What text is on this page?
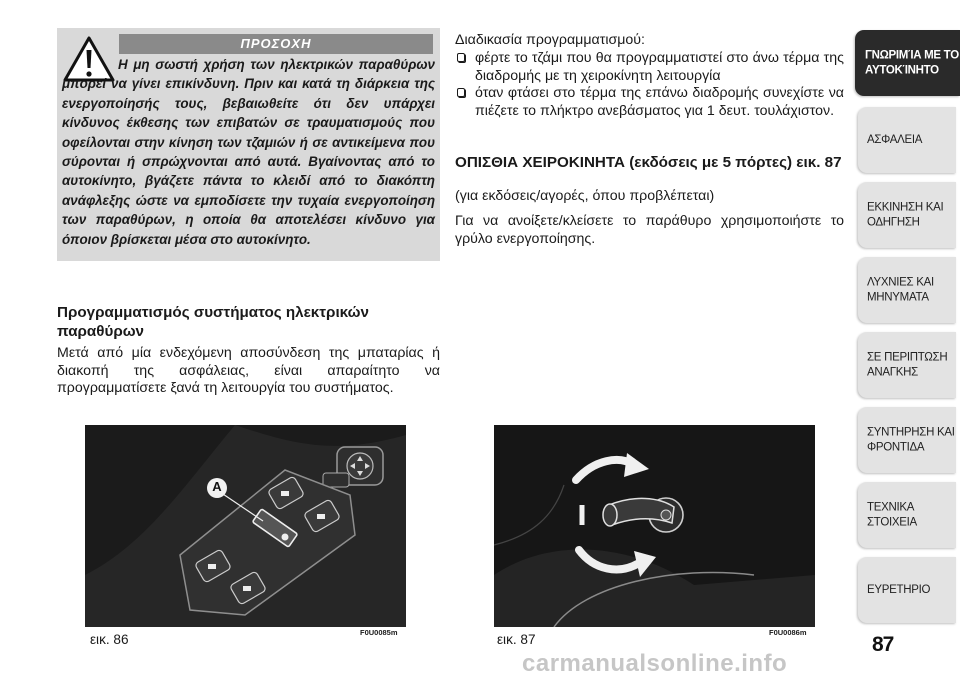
ΠΡΟΣΟΧΗ
Η μη σωστή χρήση των ηλεκτρικών παραθύρων μπορεί να γίνει επικίνδυνη. Πριν και κατά τη διάρκεια της ενεργοποίησής τους, βεβαιωθείτε ότι δεν υπάρχει κίνδυνος έκθεσης των επιβατών σε τραυματισμούς που οφείλονται στην κίνηση των τζαμιών ή σε αντικείμενα που σύρονται ή σπρώχνονται από αυτά. Βγαίνοντας από το αυτοκίνητο, βγάζετε πάντα το κλειδί από το διακόπτη ανάφλεξης ώστε να εμποδίσετε την τυχαία ενεργοποίηση των παραθύρων, η οποία θα αποτελέσει κίνδυνο για όποιον βρίσκεται μέσα στο αυτοκίνητο.
Προγραμματισμός συστήματος ηλεκτρικών παραθύρων
Μετά από μία ενδεχόμενη αποσύνδεση της μπαταρίας ή διακοπή της ασφάλειας, είναι απαραίτητο να προγραμματίσετε ξανά τη λειτουργία του συστήματος.
Διαδικασία προγραμματισμού:
φέρτε το τζάμι που θα προγραμματιστεί στο άνω τέρμα της διαδρομής με τη χειροκίνητη λειτουργία
όταν φτάσει στο τέρμα της επάνω διαδρομής συνεχίστε να πιέζετε το πλήκτρο ανεβάσματος για 1 δευτ. τουλάχιστον.
ΟΠΙΣΘΙΑ ΧΕΙΡΟΚΙΝΗΤΑ (εκδόσεις με 5 πόρτες) εικ. 87
(για εκδόσεις/αγορές, όπου προβλέπεται)
Για να ανοίξετε/κλείσετε το παράθυρο χρησιμοποιήστε το γρύλο ενεργοποίησης.
A
εικ. 86	F0U0085m	εικ. 87	F0U0086m
ΓΝΩΡΙΜΊΑ ΜΕ ΤΟ
ΑΥΤΟΚΊΝΗΤΟ
ΑΣΦΑΛΕΙΑ
ΕΚΚΙΝΗΣΗ ΚΑΙ
ΟΔΗΓΗΣΗ
ΛΥΧΝΙΕΣ ΚΑΙ
ΜΗΝΥΜΑΤΑ
ΣΕ ΠΕΡΙΠΤΩΣΗ
ΑΝΑΓΚΗΣ
ΣΥΝΤΗΡΗΣΗ ΚΑΙ
ΦΡΟΝΤΙΔΑ
ΤΕΧΝΙΚΑ ΣΤΟΙΧΕΙΑ
ΕΥΡΕΤΗΡΙΟ
87
carmanualsonline.info
